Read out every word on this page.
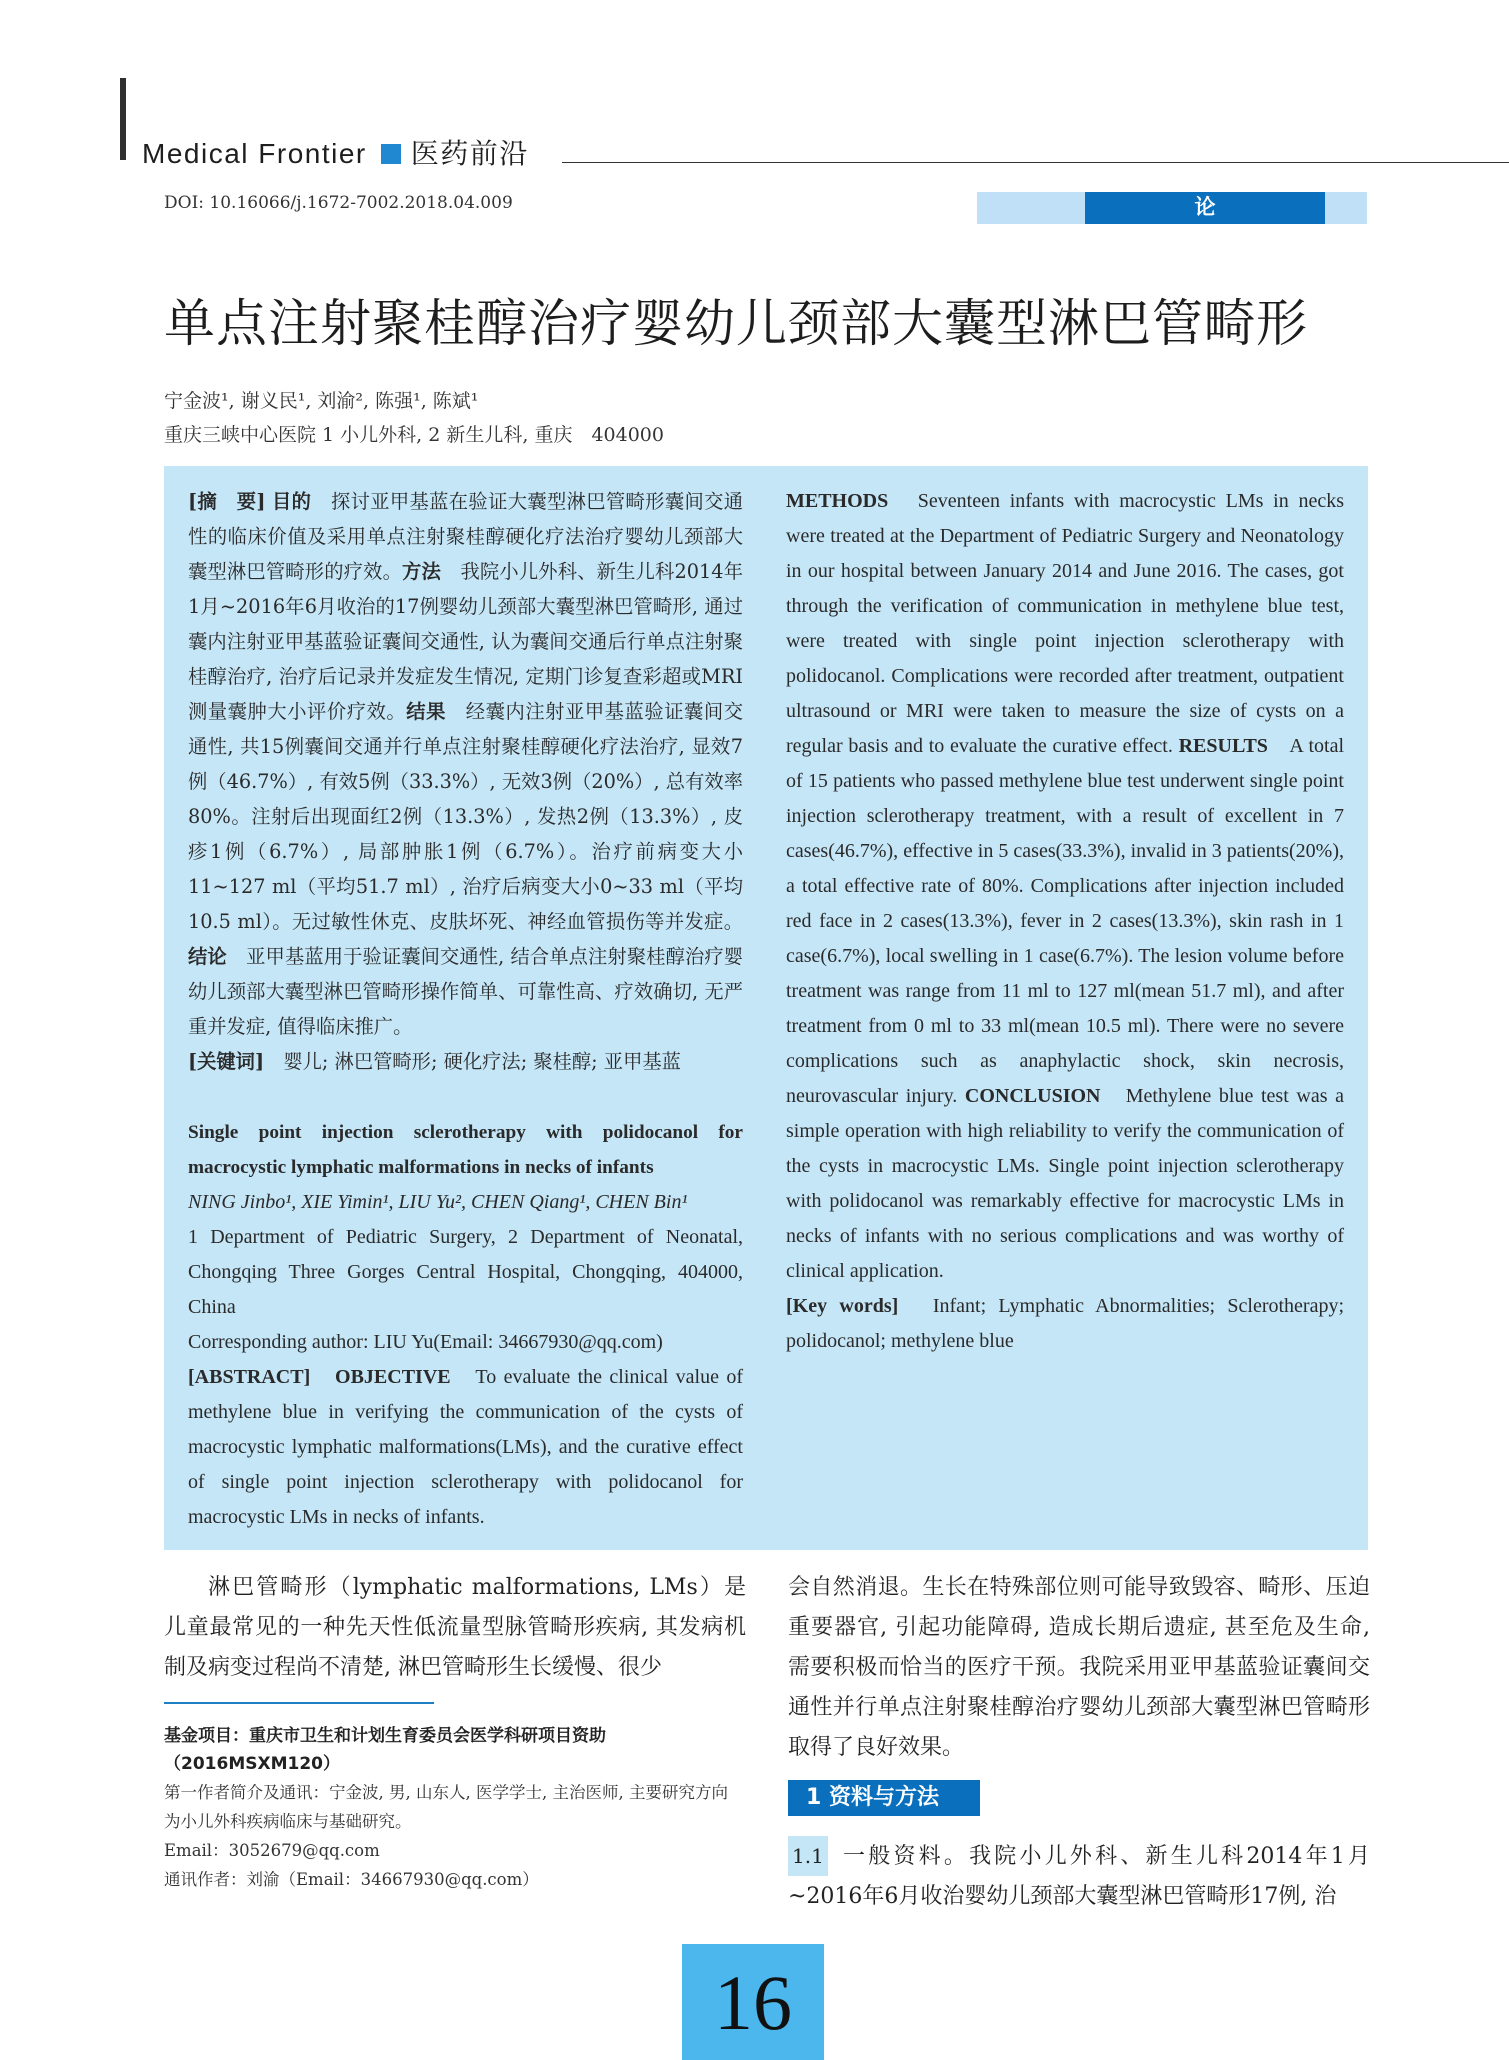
Medical Frontier 医药前沿
DOI: 10.16066/j.1672-7002.2018.04.009	论 著
单点注射聚桂醇治疗婴幼儿颈部大囊型淋巴管畸形
宁金波¹, 谢义民¹, 刘渝², 陈强¹, 陈斌¹
重庆三峡中心医院 1 小儿外科, 2 新生儿科, 重庆　404000

[摘　要] 目的　 探讨亚甲基蓝在验证大囊型淋巴管畸形囊间交通性的临床价值及采用单点注射聚桂醇硬化疗法治疗婴幼儿颈部大囊型淋巴管畸形的疗效。方法　 我院小儿外科、新生儿科2014年1月~2016年6月收治的17例婴幼儿颈部大囊型淋巴管畸形, 通过囊内注射亚甲基蓝验证囊间交通性, 认为囊间交通后行单点注射聚桂醇治疗, 治疗后记录并发症发生情况, 定期门诊复查彩超或MRI测量囊肿大小评价疗效。结果　 经囊内注射亚甲基蓝验证囊间交通性, 共15例囊间交通并行单点注射聚桂醇硬化疗法治疗, 显效7例（46.7%）, 有效5例（33.3%）, 无效3例（20%）, 总有效率80%。注射后出现面红2例（13.3%）, 发热2例（13.3%）, 皮疹1例（6.7%）, 局部肿胀1例（6.7%）。治疗前病变大小11~127 ml（平均51.7 ml）, 治疗后病变大小0~33 ml（平均10.5 ml）。无过敏性休克、皮肤坏死、神经血管损伤等并发症。结论　 亚甲基蓝用于验证囊间交通性, 结合单点注射聚桂醇治疗婴幼儿颈部大囊型淋巴管畸形操作简单、可靠性高、疗效确切, 无严重并发症, 值得临床推广。

[关键词]　 婴儿; 淋巴管畸形; 硬化疗法; 聚桂醇; 亚甲基蓝

Single point injection sclerotherapy with polidocanol for macrocystic lymphatic malformations in necks of infants

NING Jinbo¹, XIE Yimin¹, LIU Yu², CHEN Qiang¹, CHEN Bin¹

1 Department of Pediatric Surgery, 2 Department of Neonatal, Chongqing Three Gorges Central Hospital, Chongqing, 404000, China

Corresponding author: LIU Yu(Email: 34667930@qq.com)

[ABSTRACT]　 OBJECTIVE　 To evaluate the clinical value of methylene blue in verifying the communication of the cysts of macrocystic lymphatic malformations(LMs), and the curative effect of single point injection sclerotherapy with polidocanol for macrocystic LMs in necks of infants.

METHODS　 Seventeen infants with macrocystic LMs in necks were treated at the Department of Pediatric Surgery and Neonatology in our hospital between January 2014 and June 2016. The cases, got through the verification of communication in methylene blue test, were treated with single point injection sclerotherapy with polidocanol. Complications were recorded after treatment, outpatient ultrasound or MRI were taken to measure the size of cysts on a regular basis and to evaluate the curative effect. RESULTS　 A total of 15 patients who passed methylene blue test underwent single point injection sclerotherapy treatment, with a result of excellent in 7 cases(46.7%), effective in 5 cases(33.3%), invalid in 3 patients(20%), a total effective rate of 80%. Complications after injection included red face in 2 cases(13.3%), fever in 2 cases(13.3%), skin rash in 1 case(6.7%), local swelling in 1 case(6.7%). The lesion volume before treatment was range from 11 ml to 127 ml(mean 51.7 ml), and after treatment from 0 ml to 33 ml(mean 10.5 ml). There were no severe complications such as anaphylactic shock, skin necrosis, neurovascular injury. CONCLUSION　 Methylene blue test was a simple operation with high reliability to verify the communication of the cysts in macrocystic LMs. Single point injection sclerotherapy with polidocanol was remarkably effective for macrocystic LMs in necks of infants with no serious complications and was worthy of clinical application.

[Key words]　 Infant; Lymphatic Abnormalities; Sclerotherapy; polidocanol; methylene blue

淋巴管畸形（lymphatic malformations, LMs）是儿童最常见的一种先天性低流量型脉管畸形疾病, 其发病机制及病变过程尚不清楚, 淋巴管畸形生长缓慢、很少

会自然消退。生长在特殊部位则可能导致毁容、畸形、压迫重要器官, 引起功能障碍, 造成长期后遗症, 甚至危及生命, 需要积极而恰当的医疗干预。我院采用亚甲基蓝验证囊间交通性并行单点注射聚桂醇治疗婴幼儿颈部大囊型淋巴管畸形取得了良好效果。

基金项目：重庆市卫生和计划生育委员会医学科研项目资助（2016MSXM120）

第一作者简介及通讯：宁金波, 男, 山东人, 医学学士, 主治医师, 主要研究方向为小儿外科疾病临床与基础研究。

Email：3052679@qq.com

通讯作者：刘渝（Email：34667930@qq.com）

1 资料与方法

1.1 一般资料。我院小儿外科、新生儿科2014年1月~2016年6月收治婴幼儿颈部大囊型淋巴管畸形17例, 治

16
